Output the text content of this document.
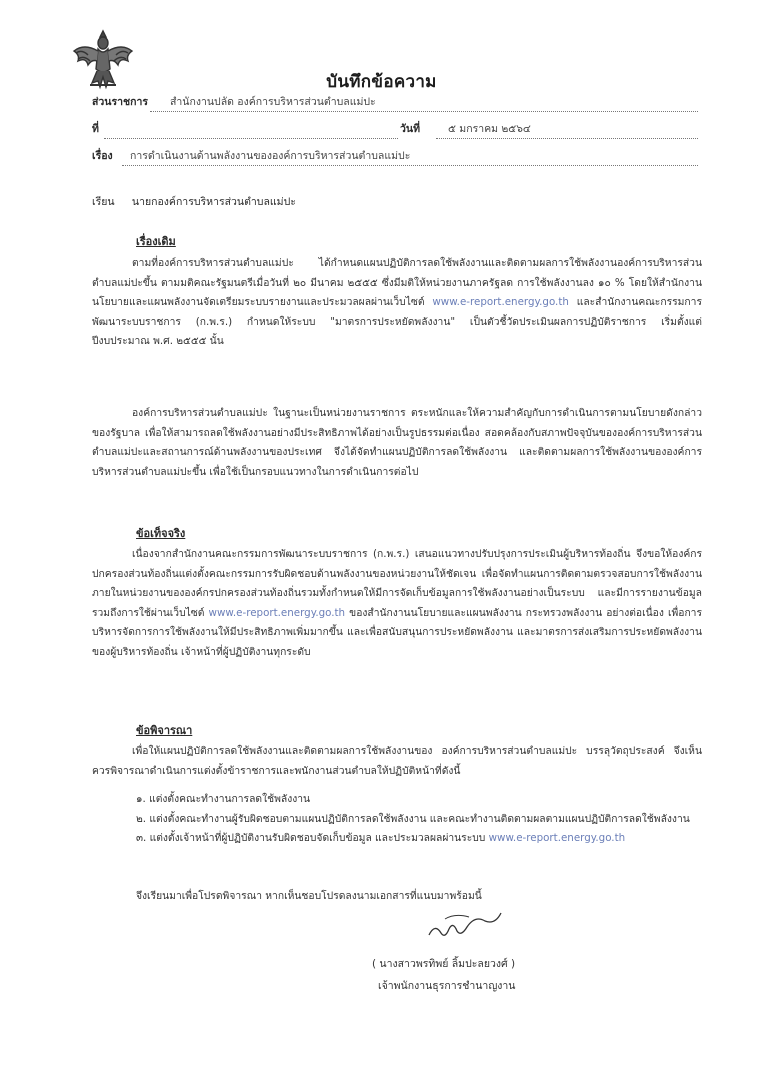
บันทึกข้อความ
ส่วนราชการ สำนักงานปลัด องค์การบริหารส่วนตำบลแม่ปะ
ที่	วันที่	๕ มกราคม ๒๕๖๔
เรื่อง การดำเนินงานด้านพลังงานขององค์การบริหารส่วนตำบลแม่ปะ
เรียน นายกองค์การบริหารส่วนตำบลแม่ปะ
เรื่องเดิม

ตามที่องค์การบริหารส่วนตำบลแม่ปะ ได้กำหนดแผนปฏิบัติการลดใช้พลังงานและติดตามผลการใช้พลังงานองค์การบริหารส่วนตำบลแม่ปะขึ้น ตามมติคณะรัฐมนตรีเมื่อวันที่ ๒๐ มีนาคม ๒๕๕๕ ซึ่งมีมติให้หน่วยงานภาครัฐลด การใช้พลังงานลง ๑๐ % โดยให้สำนักงานนโยบายและแผนพลังงานจัดเตรียมระบบรายงานและประมวลผลผ่านเว็บไซต์ www.e-report.energy.go.th และสำนักงานคณะกรรมการพัฒนาระบบราชการ (ก.พ.ร.) กำหนดให้ระบบ "มาตรการประหยัดพลังงาน" เป็นตัวชี้วัดประเมินผลการปฏิบัติราชการ เริ่มตั้งแต่ปีงบประมาณ พ.ศ. ๒๕๕๕ นั้น

องค์การบริหารส่วนตำบลแม่ปะ ในฐานะเป็นหน่วยงานราชการ ตระหนักและให้ความสำคัญกับการดำเนินการตามนโยบายดังกล่าวของรัฐบาล เพื่อให้สามารถลดใช้พลังงานอย่างมีประสิทธิภาพได้อย่างเป็นรูปธรรมต่อเนื่อง สอดคล้องกับสภาพปัจจุบันขององค์การบริหารส่วนตำบลแม่ปะและสถานการณ์ด้านพลังงานของประเทศ จึงได้จัดทำแผนปฏิบัติการลดใช้พลังงาน และติดตามผลการใช้พลังงานขององค์การบริหารส่วนตำบลแม่ปะขึ้น เพื่อใช้เป็นกรอบแนวทางในการดำเนินการต่อไป

ข้อเท็จจริง

เนื่องจากสำนักงานคณะกรรมการพัฒนาระบบราชการ (ก.พ.ร.) เสนอแนวทางปรับปรุงการประเมินผู้บริหารท้องถิ่น จึงขอให้องค์กรปกครองส่วนท้องถิ่นแต่งตั้งคณะกรรมการรับผิดชอบด้านพลังงานของหน่วยงานให้ชัดเจน เพื่อจัดทำแผนการติดตามตรวจสอบการใช้พลังงานภายในหน่วยงานขององค์กรปกครองส่วนท้องถิ่นรวมทั้งกำหนดให้มีการจัดเก็บข้อมูลการใช้พลังงานอย่างเป็นระบบ และมีการรายงานข้อมูลรวมถึงการใช้ผ่านเว็บไซต์ www.e-report.energy.go.th ของสำนักงานนโยบายและแผนพลังงาน กระทรวงพลังงาน อย่างต่อเนื่อง เพื่อการบริหารจัดการการใช้พลังงานให้มีประสิทธิภาพเพิ่มมากขึ้น และเพื่อสนับสนุนการประหยัดพลังงาน และมาตรการส่งเสริมการประหยัดพลังงานของผู้บริหารท้องถิ่น เจ้าหน้าที่ผู้ปฏิบัติงานทุกระดับ

ข้อพิจารณา

เพื่อให้แผนปฏิบัติการลดใช้พลังงานและติดตามผลการใช้พลังงานของ องค์การบริหารส่วนตำบลแม่ปะ บรรลุวัตถุประสงค์ จึงเห็นควรพิจารณาดำเนินการแต่งตั้งข้าราชการและพนักงานส่วนตำบลให้ปฏิบัติหน้าที่ดังนี้

๑. แต่งตั้งคณะทำงานการลดใช้พลังงาน
๒. แต่งตั้งคณะทำงานผู้รับผิดชอบตามแผนปฏิบัติการลดใช้พลังงาน และคณะทำงานติดตามผลตามแผนปฏิบัติการลดใช้พลังงาน
๓. แต่งตั้งเจ้าหน้าที่ผู้ปฏิบัติงานรับผิดชอบจัดเก็บข้อมูล และประมวลผลผ่านระบบ www.e-report.energy.go.th
จึงเรียนมาเพื่อโปรดพิจารณา หากเห็นชอบโปรดลงนามเอกสารที่แนบมาพร้อมนี้
( นางสาวพรทิพย์ ลิ้มปะลยวงศ์ )
เจ้าพนักงานธุรการชำนาญงาน
